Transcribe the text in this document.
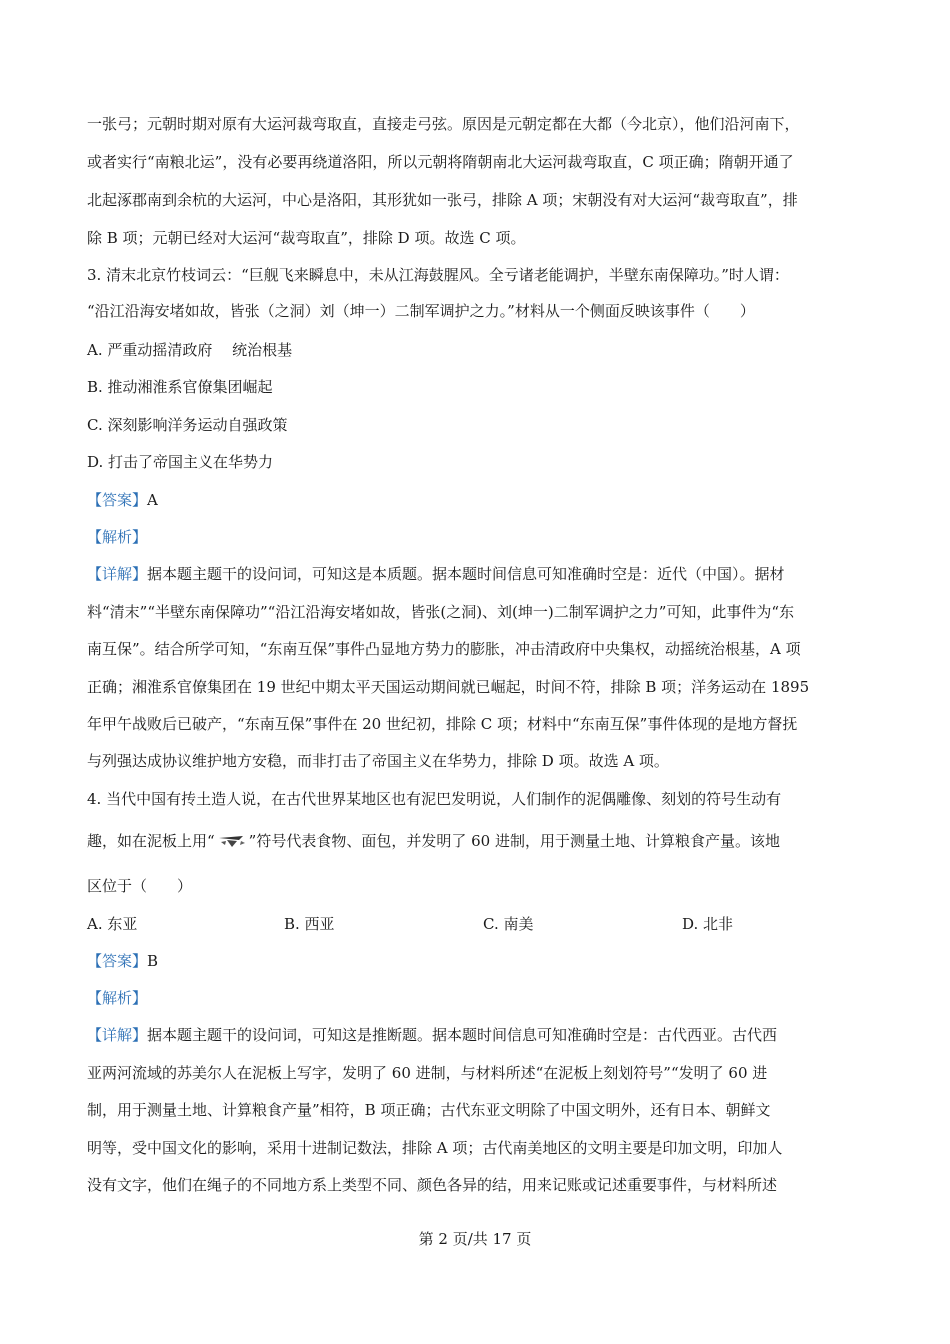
一张弓；元朝时期对原有大运河裁弯取直，直接走弓弦。原因是元朝定都在大都（今北京），他们沿河南下，
或者实行“南粮北运”，没有必要再绕道洛阳，所以元朝将隋朝南北大运河裁弯取直，C 项正确；隋朝开通了
北起涿郡南到余杭的大运河，中心是洛阳，其形犹如一张弓，排除 A 项；宋朝没有对大运河“裁弯取直”，排
除 B 项；元朝已经对大运河“裁弯取直”，排除 D 项。故选 C 项。
3. 清末北京竹枝词云：“巨舰飞来瞬息中，未从江海鼓腥风。全亏诸老能调护，半壁东南保障功。”时人谓：
“沿江沿海安堵如故，皆张（之洞）刘（坤一）二制军调护之力。”材料从一个侧面反映该事件（　　）
A. 严重动摇清政府　 统治根基
B. 推动湘淮系官僚集团崛起
C. 深刻影响洋务运动自强政策
D. 打击了帝国主义在华势力
【答案】A
【解析】
【详解】据本题主题干的设问词，可知这是本质题。据本题时间信息可知准确时空是：近代（中国）。据材
料“清末”“半壁东南保障功”“沿江沿海安堵如故，皆张(之洞)、刘(坤一)二制军调护之力”可知，此事件为“东
南互保”。结合所学可知，“东南互保”事件凸显地方势力的膨胀，冲击清政府中央集权，动摇统治根基，A 项
正确；湘淮系官僚集团在 19 世纪中期太平天国运动期间就已崛起，时间不符，排除 B 项；洋务运动在 1895
年甲午战败后已破产，“东南互保”事件在 20 世纪初，排除 C 项；材料中“东南互保”事件体现的是地方督抚
与列强达成协议维护地方安稳，而非打击了帝国主义在华势力，排除 D 项。故选 A 项。
4. 当代中国有抟土造人说，在古代世界某地区也有泥巴发明说，人们制作的泥偶雕像、刻划的符号生动有
趣，如在泥板上用“ ”符号代表食物、面包，并发明了 60 进制，用于测量土地、计算粮食产量。该地
区位于（　　）
A. 东亚	B. 西亚	C. 南美	D. 北非
【答案】B
【解析】
【详解】据本题主题干的设问词，可知这是推断题。据本题时间信息可知准确时空是：古代西亚。古代西
亚两河流域的苏美尔人在泥板上写字，发明了 60 进制，与材料所述“在泥板上刻划符号”“发明了 60 进
制，用于测量土地、计算粮食产量”相符，B 项正确；古代东亚文明除了中国文明外，还有日本、朝鲜文
明等，受中国文化的影响，采用十进制记数法，排除 A 项；古代南美地区的文明主要是印加文明，印加人
没有文字，他们在绳子的不同地方系上类型不同、颜色各异的结，用来记账或记述重要事件，与材料所述
第 2 页/共 17 页
